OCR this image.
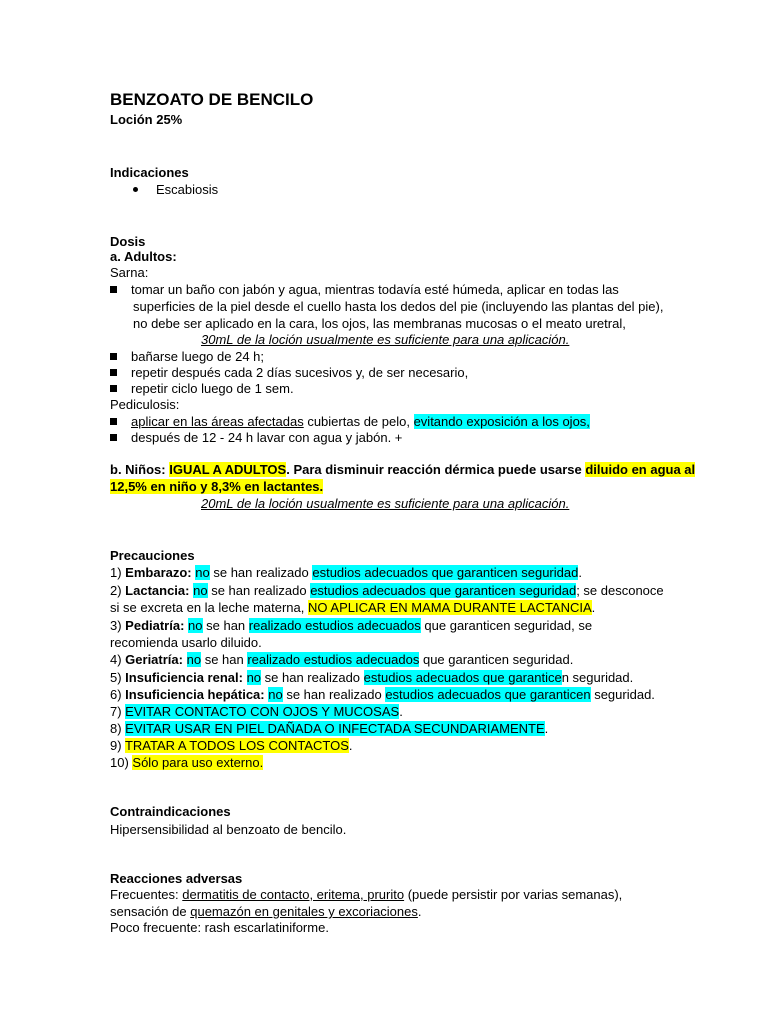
BENZOATO DE BENCILO
Loción 25%
Indicaciones
Escabiosis
Dosis
a. Adultos:
Sarna:
tomar un baño con jabón y agua, mientras todavía esté húmeda, aplicar en todas las
superficies de la piel desde el cuello hasta los dedos del pie (incluyendo las plantas del pie),
no debe ser aplicado en la cara, los ojos, las membranas mucosas o el meato uretral,
30mL de la loción usualmente es suficiente para una aplicación.
bañarse luego de 24 h;
repetir después cada 2 días sucesivos y, de ser necesario,
repetir ciclo luego de 1 sem.
Pediculosis:
aplicar en las áreas afectadas cubiertas de pelo, evitando exposición a los ojos,
después de 12 - 24 h lavar con agua y jabón. +
b. Niños: IGUAL A ADULTOS. Para disminuir reacción dérmica puede usarse diluido en agua al
12,5% en niño y 8,3% en lactantes.
20mL de la loción usualmente es suficiente para una aplicación.
Precauciones
1) Embarazo: no se han realizado estudios adecuados que garanticen seguridad.
2) Lactancia: no se han realizado estudios adecuados que garanticen seguridad; se desconoce
si se excreta en la leche materna, NO APLICAR EN MAMA DURANTE LACTANCIA.
3) Pediatría: no se han realizado estudios adecuados que garanticen seguridad, se
recomienda usarlo diluido.
4) Geriatría: no se han realizado estudios adecuados que garanticen seguridad.
5) Insuficiencia renal: no se han realizado estudios adecuados que garanticen seguridad.
6) Insuficiencia hepática: no se han realizado estudios adecuados que garanticen seguridad.
7) EVITAR CONTACTO CON OJOS Y MUCOSAS.
8) EVITAR USAR EN PIEL DAÑADA O INFECTADA SECUNDARIAMENTE.
9) TRATAR A TODOS LOS CONTACTOS.
10) Sólo para uso externo.
Contraindicaciones
Hipersensibilidad al benzoato de bencilo.
Reacciones adversas
Frecuentes: dermatitis de contacto, eritema, prurito (puede persistir por varias semanas),
sensación de quemazón en genitales y excoriaciones.
Poco frecuente: rash escarlatiniforme.
